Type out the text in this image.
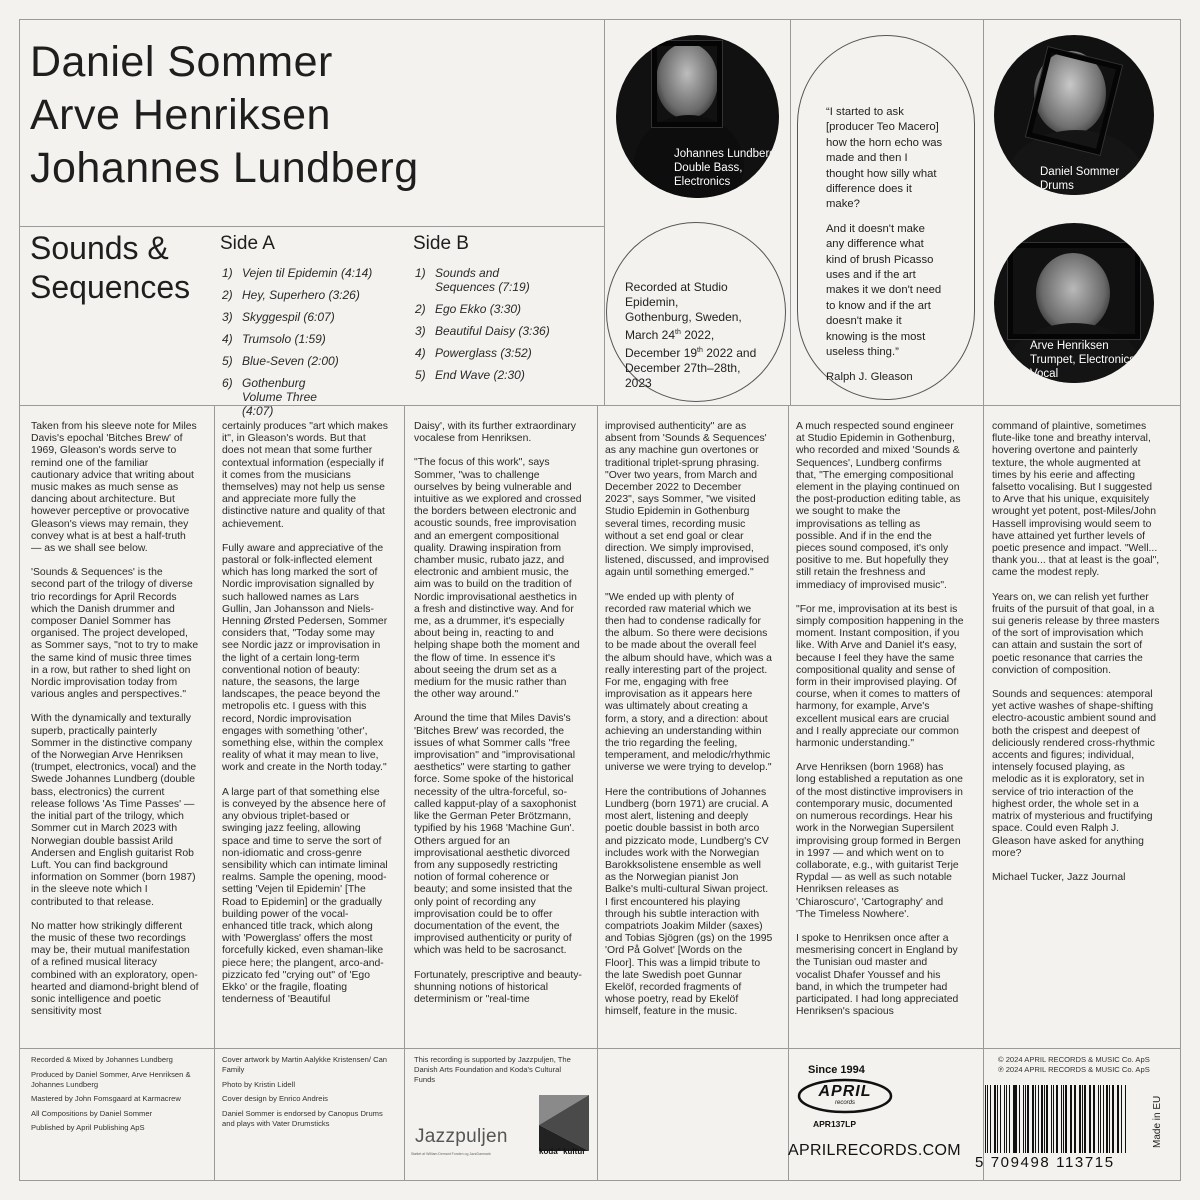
Daniel Sommer
Arve Henriksen
Johannes Lundberg
Sounds &
Sequences
Side A
1) Vejen til Epidemin (4:14)
2) Hey, Superhero (3:26)
3) Skyggespil (6:07)
4) Trumsolo (1:59)
5) Blue-Seven (2:00)
6) Gothenburg Volume Three (4:07)
Side B
1) Sounds and Sequences (7:19)
2) Ego Ekko (3:30)
3) Beautiful Daisy (3:36)
4) Powerglass (3:52)
5) End Wave (2:30)
Johannes Lundberg
Double Bass,
Electronics
Recorded at Studio Epidemin,
Gothenburg, Sweden,
March 24th 2022,
December 19th 2022 and
December 27th–28th, 2023

“I started to ask [producer Teo Macero] how the horn echo was made and then I thought how silly what difference does it make?

And it doesn't make any difference what kind of brush Picasso uses and if the art makes it we don't need to know and if the art doesn't make it knowing is the most useless thing.”

Ralph J. Gleason

Daniel Sommer
Drums
Arve Henriksen
Trumpet, Electronics,
Vocal

Taken from his sleeve note for Miles Davis's epochal 'Bitches Brew' of 1969, Gleason's words serve to remind one of the familiar cautionary advice that writing about music makes as much sense as dancing about architecture. But however perceptive or provocative Gleason's views may remain, they convey what is at best a half-truth — as we shall see below.

'Sounds & Sequences' is the second part of the trilogy of diverse trio recordings for April Records which the Danish drummer and composer Daniel Sommer has organised. The project developed, as Sommer says, "not to try to make the same kind of music three times in a row, but rather to shed light on Nordic improvisation today from various angles and perspectives."

With the dynamically and texturally superb, practically painterly Sommer in the distinctive company of the Norwegian Arve Henriksen (trumpet, electronics, vocal) and the Swede Johannes Lundberg (double bass, electronics) the current release follows 'As Time Passes' — the initial part of the trilogy, which Sommer cut in March 2023 with Norwegian double bassist Arild Andersen and English guitarist Rob Luft. You can find background information on Sommer (born 1987) in the sleeve note which I contributed to that release.

No matter how strikingly different the music of these two recordings may be, their mutual manifestation of a refined musical literacy combined with an exploratory, open-hearted and diamond-bright blend of sonic intelligence and poetic sensitivity most

certainly produces "art which makes it", in Gleason's words. But that does not mean that some further contextual information (especially if it comes from the musicians themselves) may not help us sense and appreciate more fully the distinctive nature and quality of that achievement.

Fully aware and appreciative of the pastoral or folk-inflected element which has long marked the sort of Nordic improvisation signalled by such hallowed names as Lars Gullin, Jan Johansson and Niels-Henning Ørsted Pedersen, Sommer considers that, "Today some may see Nordic jazz or improvisation in the light of a certain long-term conventional notion of beauty: nature, the seasons, the large landscapes, the peace beyond the metropolis etc. I guess with this record, Nordic improvisation engages with something 'other', something else, within the complex reality of what it may mean to live, work and create in the North today."

A large part of that something else is conveyed by the absence here of any obvious triplet-based or swinging jazz feeling, allowing space and time to serve the sort of non-idiomatic and cross-genre sensibility which can intimate liminal realms. Sample the opening, mood-setting 'Vejen til Epidemin' [The Road to Epidemin] or the gradually building power of the vocal-enhanced title track, which along with 'Powerglass' offers the most forcefully kicked, even shaman-like piece here; the plangent, arco-and-pizzicato fed "crying out" of 'Ego Ekko' or the fragile, floating tenderness of 'Beautiful

Daisy', with its further extraordinary vocalese from Henriksen.

"The focus of this work", says Sommer, "was to challenge ourselves by being vulnerable and intuitive as we explored and crossed the borders between electronic and acoustic sounds, free improvisation and an emergent compositional quality. Drawing inspiration from chamber music, rubato jazz, and electronic and ambient music, the aim was to build on the tradition of Nordic improvisational aesthetics in a fresh and distinctive way. And for me, as a drummer, it's especially about being in, reacting to and helping shape both the moment and the flow of time. In essence it's about seeing the drum set as a medium for the music rather than the other way around."

Around the time that Miles Davis's 'Bitches Brew' was recorded, the issues of what Sommer calls "free improvisation" and "improvisational aesthetics" were starting to gather force. Some spoke of the historical necessity of the ultra-forceful, so-called kapput-play of a saxophonist like the German Peter Brötzmann, typified by his 1968 'Machine Gun'. Others argued for an improvisational aesthetic divorced from any supposedly restricting notion of formal coherence or beauty; and some insisted that the only point of recording any improvisation could be to offer documentation of the event, the improvised authenticity or purity of which was held to be sacrosanct.

Fortunately, prescriptive and beauty-shunning notions of historical determinism or "real-time

improvised authenticity" are as absent from 'Sounds & Sequences' as any machine gun overtones or traditional triplet-sprung phrasing. "Over two years, from March and December 2022 to December 2023", says Sommer, "we visited Studio Epidemin in Gothenburg several times, recording music without a set end goal or clear direction. We simply improvised, listened, discussed, and improvised again until something emerged."

"We ended up with plenty of recorded raw material which we then had to condense radically for the album. So there were decisions to be made about the overall feel the album should have, which was a really interesting part of the project. For me, engaging with free improvisation as it appears here was ultimately about creating a form, a story, and a direction: about achieving an understanding within the trio regarding the feeling, temperament, and melodic/rhythmic universe we were trying to develop."

Here the contributions of Johannes Lundberg (born 1971) are crucial. A most alert, listening and deeply poetic double bassist in both arco and pizzicato mode, Lundberg's CV includes work with the Norwegian Barokksolistene ensemble as well as the Norwegian pianist Jon Balke's multi-cultural Siwan project. I first encountered his playing through his subtle interaction with compatriots Joakim Milder (saxes) and Tobias Sjögren (gs) on the 1995 'Ord På Golvet' [Words on the Floor]. This was a limpid tribute to the late Swedish poet Gunnar Ekelöf, recorded fragments of whose poetry, read by Ekelöf himself, feature in the music.

A much respected sound engineer at Studio Epidemin in Gothenburg, who recorded and mixed 'Sounds & Sequences', Lundberg confirms that, "The emerging compositional element in the playing continued on the post-production editing table, as we sought to make the improvisations as telling as possible. And if in the end the pieces sound composed, it's only positive to me. But hopefully they still retain the freshness and immediacy of improvised music".

"For me, improvisation at its best is simply composition happening in the moment. Instant composition, if you like. With Arve and Daniel it's easy, because I feel they have the same compositional quality and sense of form in their improvised playing. Of course, when it comes to matters of harmony, for example, Arve's excellent musical ears are crucial and I really appreciate our common harmonic understanding."

Arve Henriksen (born 1968) has long established a reputation as one of the most distinctive improvisers in contemporary music, documented on numerous recordings. Hear his work in the Norwegian Supersilent improvising group formed in Bergen in 1997 — and which went on to collaborate, e.g., with guitarist Terje Rypdal — as well as such notable Henriksen releases as 'Chiaroscuro', 'Cartography' and 'The Timeless Nowhere'.

I spoke to Henriksen once after a mesmerising concert in England by the Tunisian oud master and vocalist Dhafer Youssef and his band, in which the trumpeter had participated. I had long appreciated Henriksen's spacious

command of plaintive, sometimes flute-like tone and breathy interval, hovering overtone and painterly texture, the whole augmented at times by his eerie and affecting falsetto vocalising. But I suggested to Arve that his unique, exquisitely wrought yet potent, post-Miles/John Hassell improvising would seem to have attained yet further levels of poetic presence and impact. "Well... thank you... that at least is the goal", came the modest reply.

Years on, we can relish yet further fruits of the pursuit of that goal, in a sui generis release by three masters of the sort of improvisation which can attain and sustain the sort of poetic resonance that carries the conviction of composition.

Sounds and sequences: atemporal yet active washes of shape-shifting electro-acoustic ambient sound and both the crispest and deepest of deliciously rendered cross-rhythmic accents and figures; individual, intensely focused playing, as melodic as it is exploratory, set in service of trio interaction of the highest order, the whole set in a matrix of mysterious and fructifying space. Could even Ralph J. Gleason have asked for anything more?

Michael Tucker, Jazz Journal

Recorded & Mixed by Johannes Lundberg

Produced by Daniel Sommer, Arve Henriksen & Johannes Lundberg

Mastered by John Fomsgaard at Karmacrew

All Compositions by Daniel Sommer

Published by April Publishing ApS

Cover artwork by Martin Aalykke Kristensen/ Can Family

Photo by Kristin Lidell

Cover design by Enrico Andreis

Daniel Sommer is endorsed by Canopus Drums and plays with Vater Drumsticks

This recording is supported by Jazzpuljen, The Danish Arts Foundation and Koda's Cultural Funds

Jazzpuljen
Støttet af William Demant Fonden og JazzDanmark	koda° kultur
Since 1994
APRIL
records
APR137LP
APRILRECORDS.COM
© 2024 APRIL RECORDS & MUSIC Co. ApS
℗ 2024 APRIL RECORDS & MUSIC Co. ApS
5 709498 113715
Made in EU
